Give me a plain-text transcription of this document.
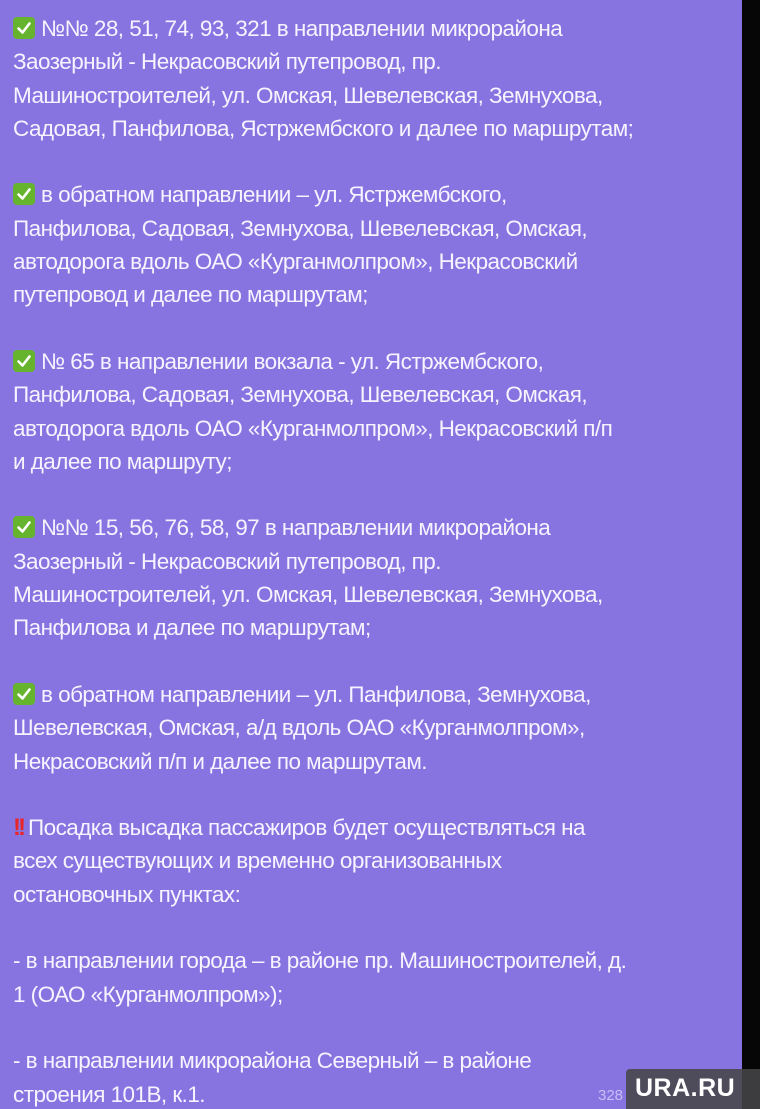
№№ 28, 51, 74, 93, 321 в направлении микрорайона
Заозерный - Некрасовский путепровод, пр.
Машиностроителей, ул. Омская, Шевелевская, Земнухова,
Садовая, Панфилова, Ястржембского и далее по маршрутам;

в обратном направлении – ул. Ястржембского,
Панфилова, Садовая, Земнухова, Шевелевская, Омская,
автодорога вдоль ОАО «Курганмолпром», Некрасовский
путепровод и далее по маршрутам;

№ 65 в направлении вокзала - ул. Ястржембского,
Панфилова, Садовая, Земнухова, Шевелевская, Омская,
автодорога вдоль ОАО «Курганмолпром», Некрасовский п/п
и далее по маршруту;

№№ 15, 56, 76, 58, 97 в направлении микрорайона
Заозерный - Некрасовский путепровод, пр.
Машиностроителей, ул. Омская, Шевелевская, Земнухова,
Панфилова и далее по маршрутам;

в обратном направлении – ул. Панфилова, Земнухова,
Шевелевская, Омская, а/д вдоль ОАО «Курганмолпром»,
Некрасовский п/п и далее по маршрутам.

!! Посадка высадка пассажиров будет осуществляться на
всех существующих и временно организованных
остановочных пунктах:

- в направлении города – в районе пр. Машиностроителей, д.
1 (ОАО «Курганмолпром»);

- в направлении микрорайона Северный – в районе
строения 101В, к.1.	328 URA.RU
